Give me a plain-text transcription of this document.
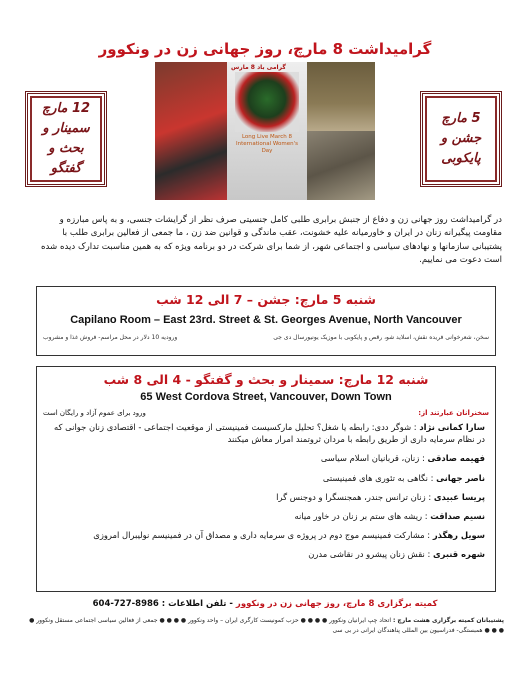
گرامیداشت 8 مارچ، روز جهانی زن در ونکوور
12 مارچ
سمینار و
بحث و گفتگو
Long Live March 8 International Women's Day
گرامی باد 8 مارس
5 مارچ
جشن و
پایکوبی
در گرامیداشت روز جهانی زن و دفاع از جنبش برابری طلبی کامل جنسیتی صرف نظر از گرایشات جنسی، و به پاس مبارزه و مقاومت پیگیرانه زنان در ایران و خاورمیانه علیه خشونت، عقب ماندگی و قوانین ضد زن ، ما جمعی از فعالین برابری طلب با پشتیبانی سازمانها و نهادهای سیاسی و اجتماعی شهر، از شما برای شرکت در دو برنامه ویژه که به همین مناسبت تدارک دیده شده است دعوت می نماییم.
شنبه 5 مارچ: جشن – 7 الی 12 شب
Capilano Room – East 23rd. Street & St. Georges Avenue, North Vancouver
ورودیه 10 دلار در محل مراسم- فروش غذا و مشروب	سخن، شعرخوانی فریده نقش، اسلاید شو، رقص و پایکوبی با موزیک یونیورسال دی جی
شنبه 12 مارچ: سمینار و بحث و گفتگو - 4 الی 8 شب
65 West Cordova Street, Vancouver, Down Town
سخنرانان عبارتند از:
ورود برای عموم آزاد و رایگان است
سارا کمانی نژاد : شوگر ددی: رابطه یا شغل؟ تحلیل مارکسیست فمینیستی از موقعیت اجتماعی - اقتصادی زنان جوانی که در نظام سرمایه داری از طریق رابطه با مردان ثروتمند امرار معاش میکنند
فهیمه صادقی : زنان، قربانیان اسلام سیاسی
ناصر جهانی : نگاهی به تئوری های فمینیستی
پریسا عبیدی : زنان ترانس جندر، همجنسگرا و دوجنس گرا
نسیم صداقت : ریشه های ستم بر زنان در خاور میانه
سویل رهگذر : مشارکت فمینیسم موج دوم در پروژه ی سرمایه داری و مصداق آن در فمینیسم نولیبرال امروزی
شهره قنبری : نقش زنان پیشرو در نقاشی مدرن
کمیته برگزاری 8 مارچ، روز جهانی زن در ونکوور - تلفن اطلاعات : 8986-727-604
پشتیبانان کمیته برگزاری هشت مارچ : اتحاد چپ ایرانیان ونکوور ● ● ● ● حزب کمونیست کارگری ایران – واحد ونکوور ● ● ● ● جمعی از فعالین سیاسی اجتماعی مستقل ونکوور ● ● ● ● همبستگی- فدراسیون بین المللی پناهندگان ایرانی در بی سی
